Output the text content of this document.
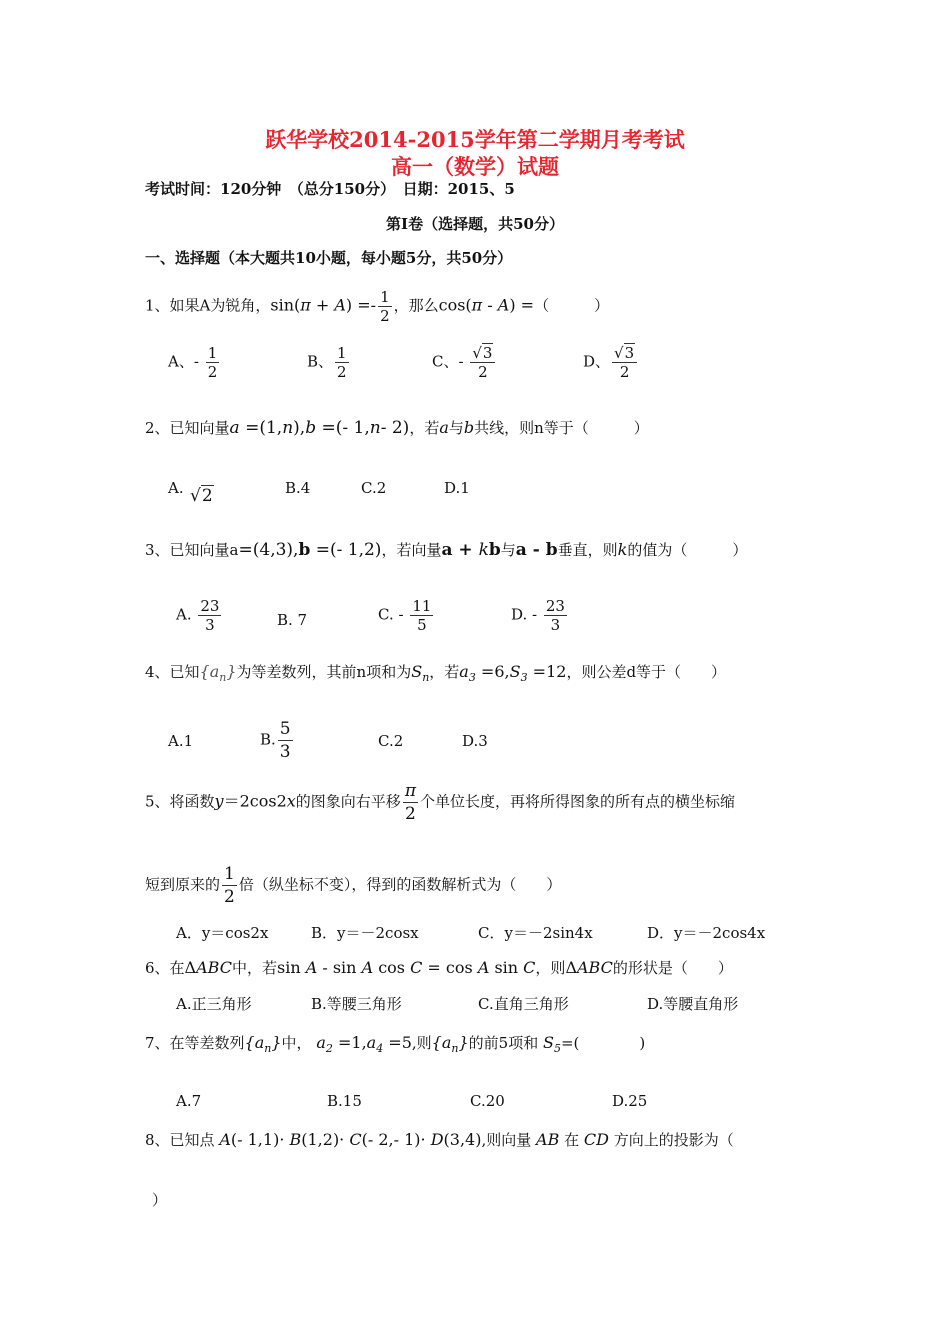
跃华学校2014-2015学年第二学期月考考试
高一（数学）试题
考试时间：120分钟　（总分150分）　日期：2015、5
第Ⅰ卷（选择题，共50分）
一、选择题（本大题共10小题，每小题5分，共50分）
1、如果A为锐角，$\sin(\pi + A) =- \frac{1}{2}$ ，那么cos(π - A) =（　　　）
A、- $\frac{1}{2}$	B、 $\frac{1}{2}$	C、- $\frac{√3}{2}$	D、 $\frac{√3}{2}$
2、已知向量a =(1,n),b =(- 1,n- 2)，若a与b共线，则n等于（　　　）
A. √2	B.4	C.2	D.1
3、已知向量a=(4,3),b =(- 1,2)，若向量a + kb与a - b垂直，则k的值为（　　　）
A. $\frac{23}{3}$	B. 7	C. - $\frac{11}{5}$	D. - $\frac{23}{3}$
4、已知$\{a_n\}$为等差数列，其前n项和为$S_n$，若$a_3 =6,S_3 =12$，则公差d等于（　　）
A.1	B. $\frac{5}{3}$	C.2	D.3
5、将函数y＝2cos2x的图象向右平移 $\frac{\pi}{2}$ 个单位长度，再将所得图象的所有点的横坐标缩
短到原来的 $\frac{1}{2}$ 倍（纵坐标不变），得到的函数解析式为（　　）
A．y＝cos2x	B．y＝－2cosx	C．y＝－2sin4x	D．y＝－2cos4x
6、在ΔABC中，若sin A - sin A cos C = cos A sin C，则ΔABC的形状是（　　）
A.正三角形	B.等腰三角形	C.直角三角形	D.等腰直角形
7、在等差数列$\{a_n\}$中， $a_2 =1,a_4 =5$,则$\{a_n\}$的前5项和 $S_5=$(　　　　)
A.7	B.15	C.20	D.25
8、已知点 A(- 1,1)· B(1,2)· C(- 2,- 1)· D(3,4),则向量 AB 在 CD 方向上的投影为（
）
